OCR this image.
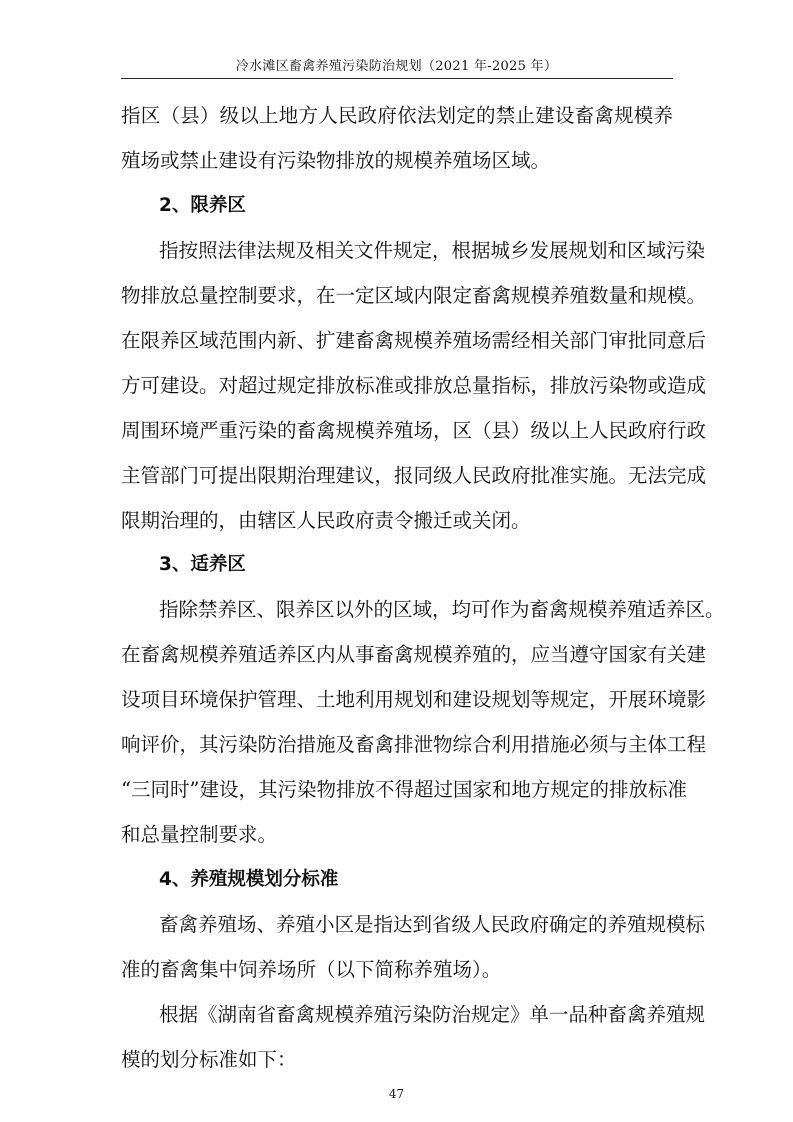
冷水滩区畜禽养殖污染防治规划（2021 年-2025 年）
指区（县）级以上地方人民政府依法划定的禁止建设畜禽规模养
殖场或禁止建设有污染物排放的规模养殖场区域。
2、限养区
指按照法律法规及相关文件规定，根据城乡发展规划和区域污染
物排放总量控制要求，在一定区域内限定畜禽规模养殖数量和规模。
在限养区域范围内新、扩建畜禽规模养殖场需经相关部门审批同意后
方可建设。对超过规定排放标准或排放总量指标，排放污染物或造成
周围环境严重污染的畜禽规模养殖场，区（县）级以上人民政府行政
主管部门可提出限期治理建议，报同级人民政府批准实施。无法完成
限期治理的，由辖区人民政府责令搬迁或关闭。
3、适养区
指除禁养区、限养区以外的区域，均可作为畜禽规模养殖适养区。
在畜禽规模养殖适养区内从事畜禽规模养殖的，应当遵守国家有关建
设项目环境保护管理、土地利用规划和建设规划等规定，开展环境影
响评价，其污染防治措施及畜禽排泄物综合利用措施必须与主体工程
“三同时”建设，其污染物排放不得超过国家和地方规定的排放标准
和总量控制要求。
4、养殖规模划分标准
畜禽养殖场、养殖小区是指达到省级人民政府确定的养殖规模标
准的畜禽集中饲养场所（以下简称养殖场）。
根据《湖南省畜禽规模养殖污染防治规定》单一品种畜禽养殖规
模的划分标准如下：
47
